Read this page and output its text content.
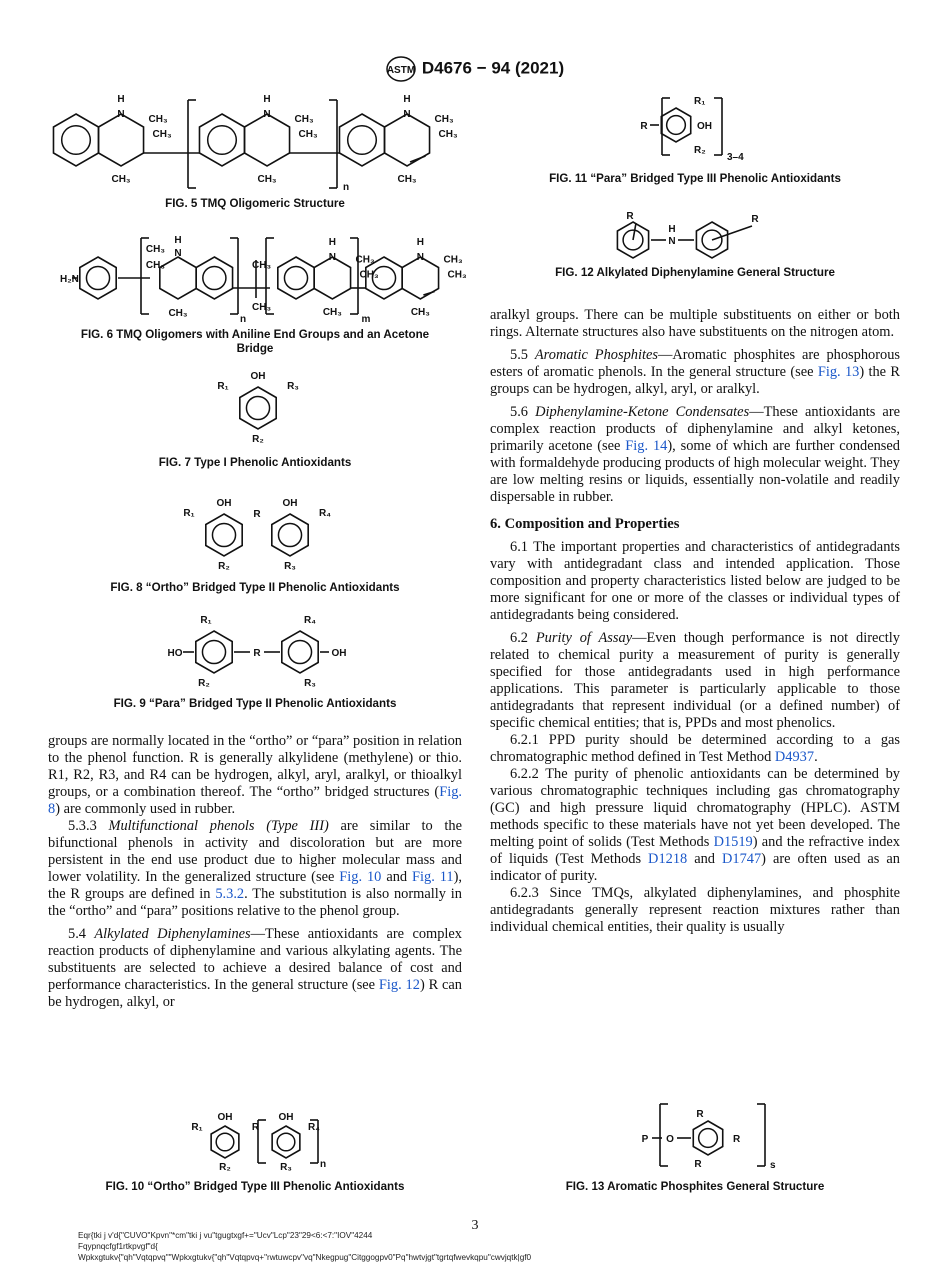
ASTM D4676 − 94 (2021)
H
N CH₃
CH₃
CH₃
H
N CH₃
CH₃
CH₃
H
N CH₃
CH₃
CH₃
n
H₂N
CH₃
CH₃
H
N
CH₃
n
CH₃
CH₃
H
N CH₃
CH₃
CH₃
m
H
N CH₃
CH₃
CH₃
OH
R₁	R₃
R₂
OH	OH
R₁	R	R₄
R₂	R₃
HO	R	OH
R₁
R₂
R₄
R₃
OH	OH
R₁	R	R₄
R₂	R₃	n
R
R₁
OH
R₂
3–4
R
H
N
R
P O
R
R
R	s
FIG. 5 TMQ Oligomeric Structure
FIG. 6 TMQ Oligomers with Aniline End Groups and an Acetone Bridge
FIG. 7 Type I Phenolic Antioxidants
FIG. 8 “Ortho” Bridged Type II Phenolic Antioxidants
FIG. 9 “Para” Bridged Type II Phenolic Antioxidants
FIG. 10 “Ortho” Bridged Type III Phenolic Antioxidants
FIG. 11 “Para” Bridged Type III Phenolic Antioxidants
FIG. 12 Alkylated Diphenylamine General Structure
FIG. 13 Aromatic Phosphites General Structure

groups are normally located in the “ortho” or “para” position in relation to the phenol function. R is generally alkylidene (methylene) or thio. R1, R2, R3, and R4 can be hydrogen, alkyl, aryl, aralkyl, or thioalkyl groups, or a combination thereof. The “ortho” bridged structures (Fig. 8) are commonly used in rubber.

5.3.3 Multifunctional phenols (Type III) are similar to the bifunctional phenols in activity and discoloration but are more persistent in the end use product due to higher molecular mass and lower volatility. In the generalized structure (see Fig. 10 and Fig. 11), the R groups are defined in 5.3.2. The substitution is also normally in the “ortho” and “para” positions relative to the phenol group.

5.4 Alkylated Diphenylamines—These antioxidants are complex reaction products of diphenylamine and various alkylating agents. The substituents are selected to achieve a desired balance of cost and performance characteristics. In the general structure (see Fig. 12) R can be hydrogen, alkyl, or

aralkyl groups. There can be multiple substituents on either or both rings. Alternate structures also have substituents on the nitrogen atom.

5.5 Aromatic Phosphites—Aromatic phosphites are phosphorous esters of aromatic phenols. In the general structure (see Fig. 13) the R groups can be hydrogen, alkyl, aryl, or aralkyl.

5.6 Diphenylamine-Ketone Condensates—These antioxidants are complex reaction products of diphenylamine and alkyl ketones, primarily acetone (see Fig. 14), some of which are further condensed with formaldehyde producing products of high molecular weight. They are low melting resins or liquids, essentially non-volatile and readily dispersable in rubber.

6. Composition and Properties

6.1 The important properties and characteristics of antidegradants vary with antidegradant class and intended application. Those composition and property characteristics listed below are judged to be more significant for one or more of the classes or individual types of antidegradants being considered.

6.2 Purity of Assay—Even though performance is not directly related to chemical purity a measurement of purity is generally specified for those antidegradants used in high performance applications. This parameter is particularly applicable to those antidegradants that represent individual (or a defined number) of specific chemical entities; that is, PPDs and most phenolics.

6.2.1 PPD purity should be determined according to a gas chromatographic method defined in Test Method D4937.

6.2.2 The purity of phenolic antioxidants can be determined by various chromatographic techniques including gas chromatography (GC) and high pressure liquid chromatography (HPLC). ASTM methods specific to these materials have not yet been developed. The melting point of solids (Test Methods D1519) and the refractive index of liquids (Test Methods D1218 and D1747) are often used as an indicator of purity.

6.2.3 Since TMQs, alkylated diphenylamines, and phosphite antidegradants generally represent reaction mixtures rather than individual chemical entities, their quality is usually

3
Eqr{tki j v'd{"CUVO"Kpvn"*cm"tki j vu"tgugtxgf+="Ucv"Lcp"23"29<6:<7:"IOV"4244
Fqypnqcfgf1rtkpvgf"d{
Wpkxgtukv{"qh"Vqtqpvq""Wpkxgtukv{"qh"Vqtqpvq+"rwtuwcpv"vq"Nkegpug"Citggogpv0"Pq"hwtvjgt"tgrtqfwevkqpu"cwvjqtk|gf0
